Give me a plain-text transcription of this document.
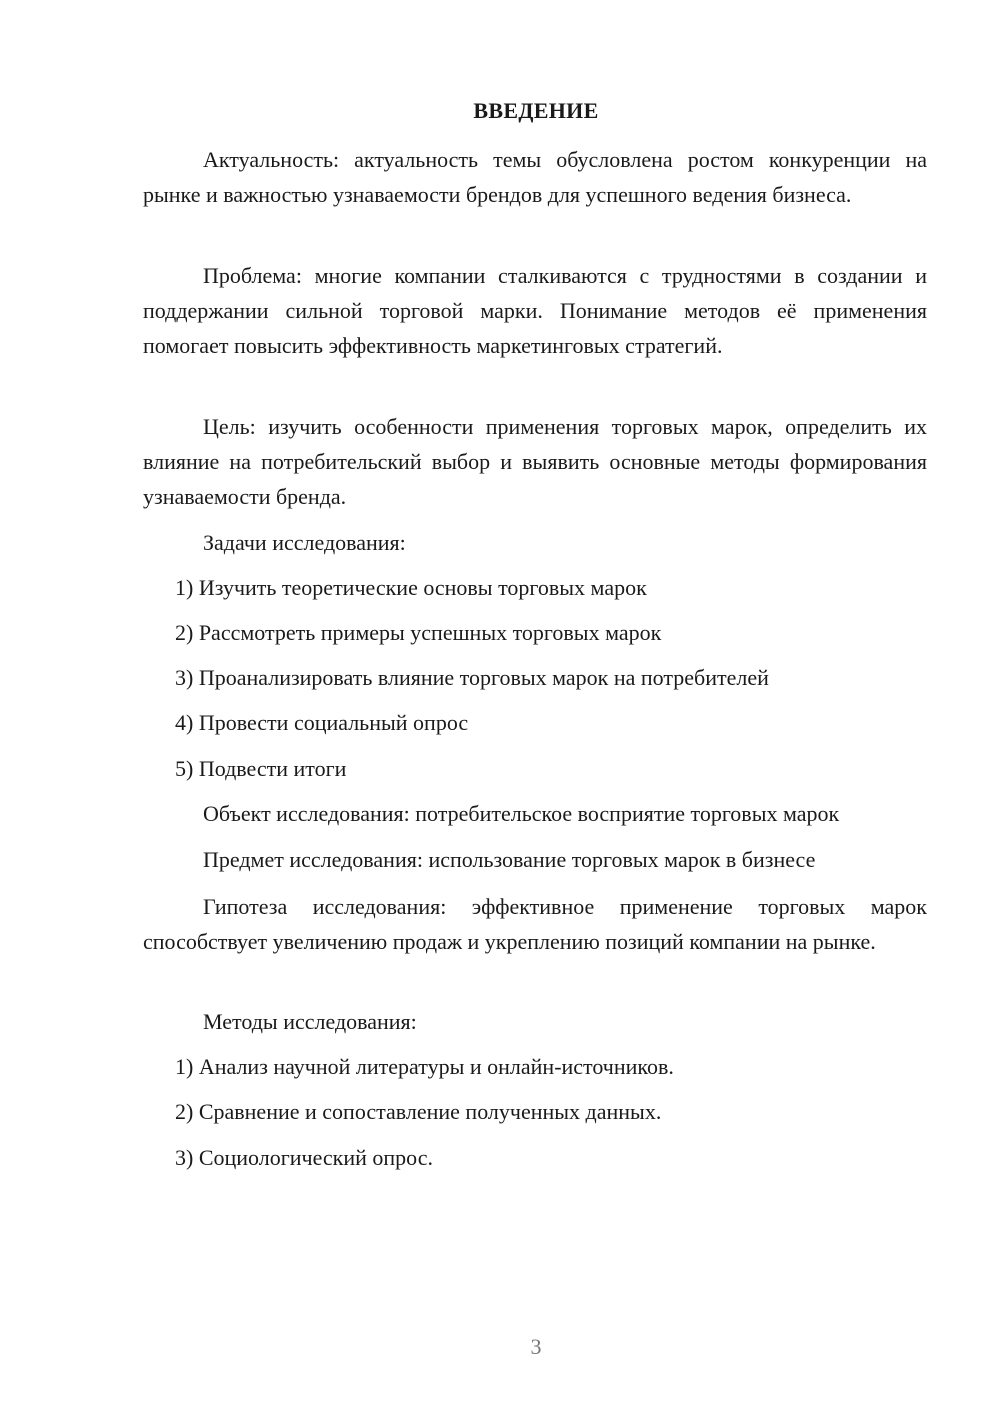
ВВЕДЕНИЕ
Актуальность: актуальность темы обусловлена ростом конкуренции на рынке и важностью узнаваемости брендов для успешного ведения бизнеса.
Проблема: многие компании сталкиваются с трудностями в создании и поддержании сильной торговой марки. Понимание методов её применения помогает повысить эффективность маркетинговых стратегий.
Цель: изучить особенности применения торговых марок, определить их влияние на потребительский выбор и выявить основные методы формирования узнаваемости бренда.
Задачи исследования:
1) Изучить теоретические основы торговых марок
2) Рассмотреть примеры успешных торговых марок
3) Проанализировать влияние торговых марок на потребителей
4) Провести социальный опрос
5) Подвести итоги
Объект исследования: потребительское восприятие торговых марок
Предмет исследования: использование торговых марок в бизнесе
Гипотеза исследования: эффективное применение торговых марок способствует увеличению продаж и укреплению позиций компании на рынке.
Методы исследования:
1) Анализ научной литературы и онлайн-источников.
2) Сравнение и сопоставление полученных данных.
3) Социологический опрос.
3
